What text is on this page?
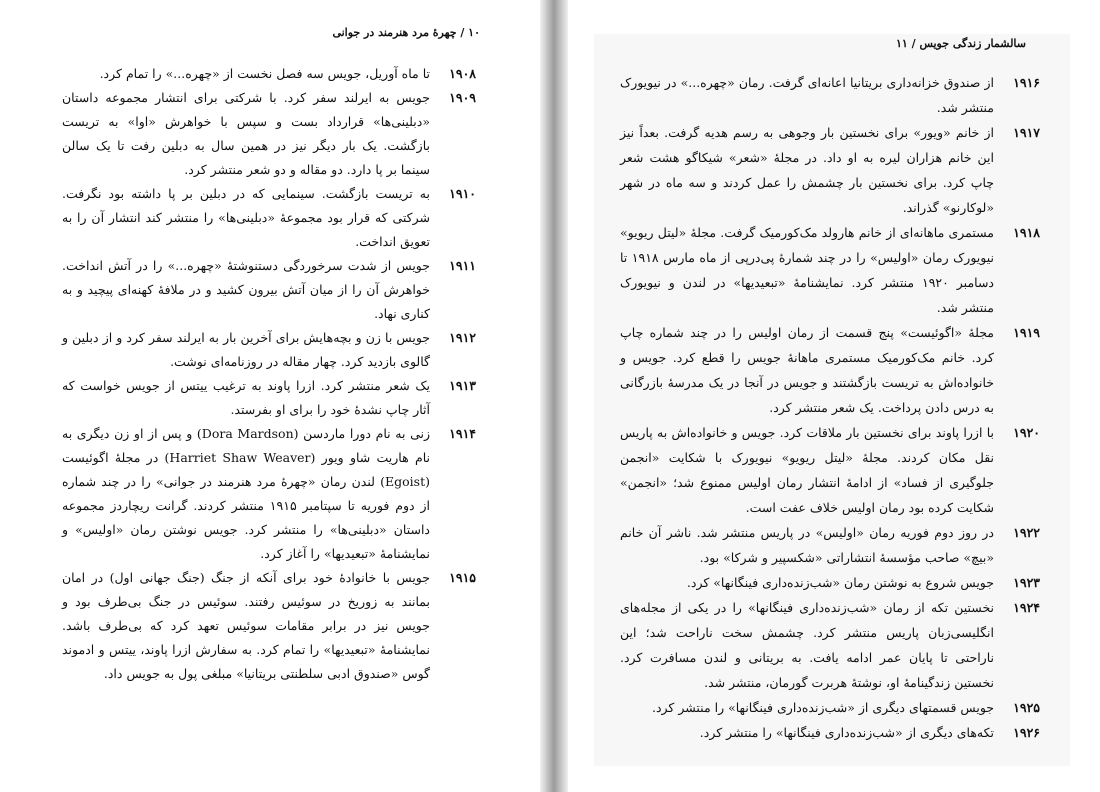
۱۰ / چهرهٔ مرد هنرمند در جوانی
۱۹۰۸
تا ماه آوریل، جویس سه فصل نخست از «چهره...» را تمام کرد.
۱۹۰۹
جویس به ایرلند سفر کرد. با شرکتی برای انتشار مجموعه داستان «دبلینی‌ها» قرارداد بست و سپس با خواهرش «اوا» به تریست بازگشت. یک بار دیگر نیز در همین سال به دبلین رفت تا یک سالن سینما بر پا دارد. دو مقاله و دو شعر منتشر کرد.
۱۹۱۰
به تریست بازگشت. سینمایی که در دبلین بر پا داشته بود نگرفت. شرکتی که قرار بود مجموعهٔ «دبلینی‌ها» را منتشر کند انتشار آن را به تعویق انداخت.
۱۹۱۱
جویس از شدت سرخوردگی دستنوشتهٔ «چهره...» را در آتش انداخت. خواهرش آن را از میان آتش بیرون کشید و در ملافهٔ کهنه‌ای پیچید و به کناری نهاد.
۱۹۱۲
جویس با زن و بچه‌هایش برای آخرین بار به ایرلند سفر کرد و از دبلین و گالوی بازدید کرد. چهار مقاله در روزنامه‌ای نوشت.
۱۹۱۳
یک شعر منتشر کرد. ازرا پاوند به ترغیب ییتس از جویس خواست که آثار چاپ نشدهٔ خود را برای او بفرستد.
۱۹۱۴
زنی به نام دورا ماردسن (Dora Mardson) و پس از او زن دیگری به نام هاریت شاو ویور (Harriet Shaw Weaver) در مجلهٔ اگوئیست (Egoist) لندن رمان «چهرهٔ مرد هنرمند در جوانی» را در چند شماره از دوم فوریه تا سپتامبر ۱۹۱۵ منتشر کردند. گرانت ریچاردز مجموعه داستان «دبلینی‌ها» را منتشر کرد. جویس نوشتن رمان «اولیس» و نمایشنامهٔ «تبعیدیها» را آغاز کرد.
۱۹۱۵
جویس با خانوادهٔ خود برای آنکه از جنگ (جنگ جهانی اول) در امان بمانند به زوریخ در سوئیس رفتند. سوئیس در جنگ بی‌طرف بود و جویس نیز در برابر مقامات سوئیس تعهد کرد که بی‌طرف باشد. نمایشنامهٔ «تبعیدیها» را تمام کرد. به سفارش ازرا پاوند، ییتس و ادموند گوس «صندوق ادبی سلطنتی بریتانیا» مبلغی پول به جویس داد.
سالشمار زندگی جویس / ۱۱
۱۹۱۶
از صندوق خزانه‌داری بریتانیا اعانه‌ای گرفت. رمان «چهره...» در نیویورک منتشر شد.
۱۹۱۷
از خانم «ویور» برای نخستین بار وجوهی به رسم هدیه گرفت. بعداً نیز این خانم هزاران لیره به او داد. در مجلهٔ «شعر» شیکاگو هشت شعر چاپ کرد. برای نخستین بار چشمش را عمل کردند و سه ماه در شهر «لوکارنو» گذراند.
۱۹۱۸
مستمری ماهانه‌ای از خانم هارولد مک‌کورمیک گرفت. مجلهٔ «لیتل ریویو» نیویورک رمان «اولیس» را در چند شمارهٔ پی‌درپی از ماه مارس ۱۹۱۸ تا دسامبر ۱۹۲۰ منتشر کرد. نمایشنامهٔ «تبعیدیها» در لندن و نیویورک منتشر شد.
۱۹۱۹
مجلهٔ «اگوئیست» پنج قسمت از رمان اولیس را در چند شماره چاپ کرد. خانم مک‌کورمیک مستمری ماهانهٔ جویس را قطع کرد. جویس و خانواده‌اش به تریست بازگشتند و جویس در آنجا در یک مدرسهٔ بازرگانی به درس دادن پرداخت. یک شعر منتشر کرد.
۱۹۲۰
با ازرا پاوند برای نخستین بار ملاقات کرد. جویس و خانواده‌اش به پاریس نقل مکان کردند. مجلهٔ «لیتل ریویو» نیویورک با شکایت «انجمن جلوگیری از فساد» از ادامهٔ انتشار رمان اولیس ممنوع شد؛ «انجمن» شکایت کرده بود رمان اولیس خلاف عفت است.
۱۹۲۲
در روز دوم فوریه رمان «اولیس» در پاریس منتشر شد. ناشر آن خانم «بیچ» صاحب مؤسسهٔ انتشاراتی «شکسپیر و شرکا» بود.
۱۹۲۳
جویس شروع به نوشتن رمان «شب‌زنده‌داری فینگانها» کرد.
۱۹۲۴
نخستین تکه از رمان «شب‌زنده‌داری فینگانها» را در یکی از مجله‌های انگلیسی‌زبان پاریس منتشر کرد. چشمش سخت ناراحت شد؛ این ناراحتی تا پایان عمر ادامه یافت. به بریتانی و لندن مسافرت کرد. نخستین زندگینامهٔ او، نوشتهٔ هربرت گورمان، منتشر شد.
۱۹۲۵
جویس قسمتهای دیگری از «شب‌زنده‌داری فینگانها» را منتشر کرد.
۱۹۲۶
تکه‌های دیگری از «شب‌زنده‌داری فینگانها» را منتشر کرد.
